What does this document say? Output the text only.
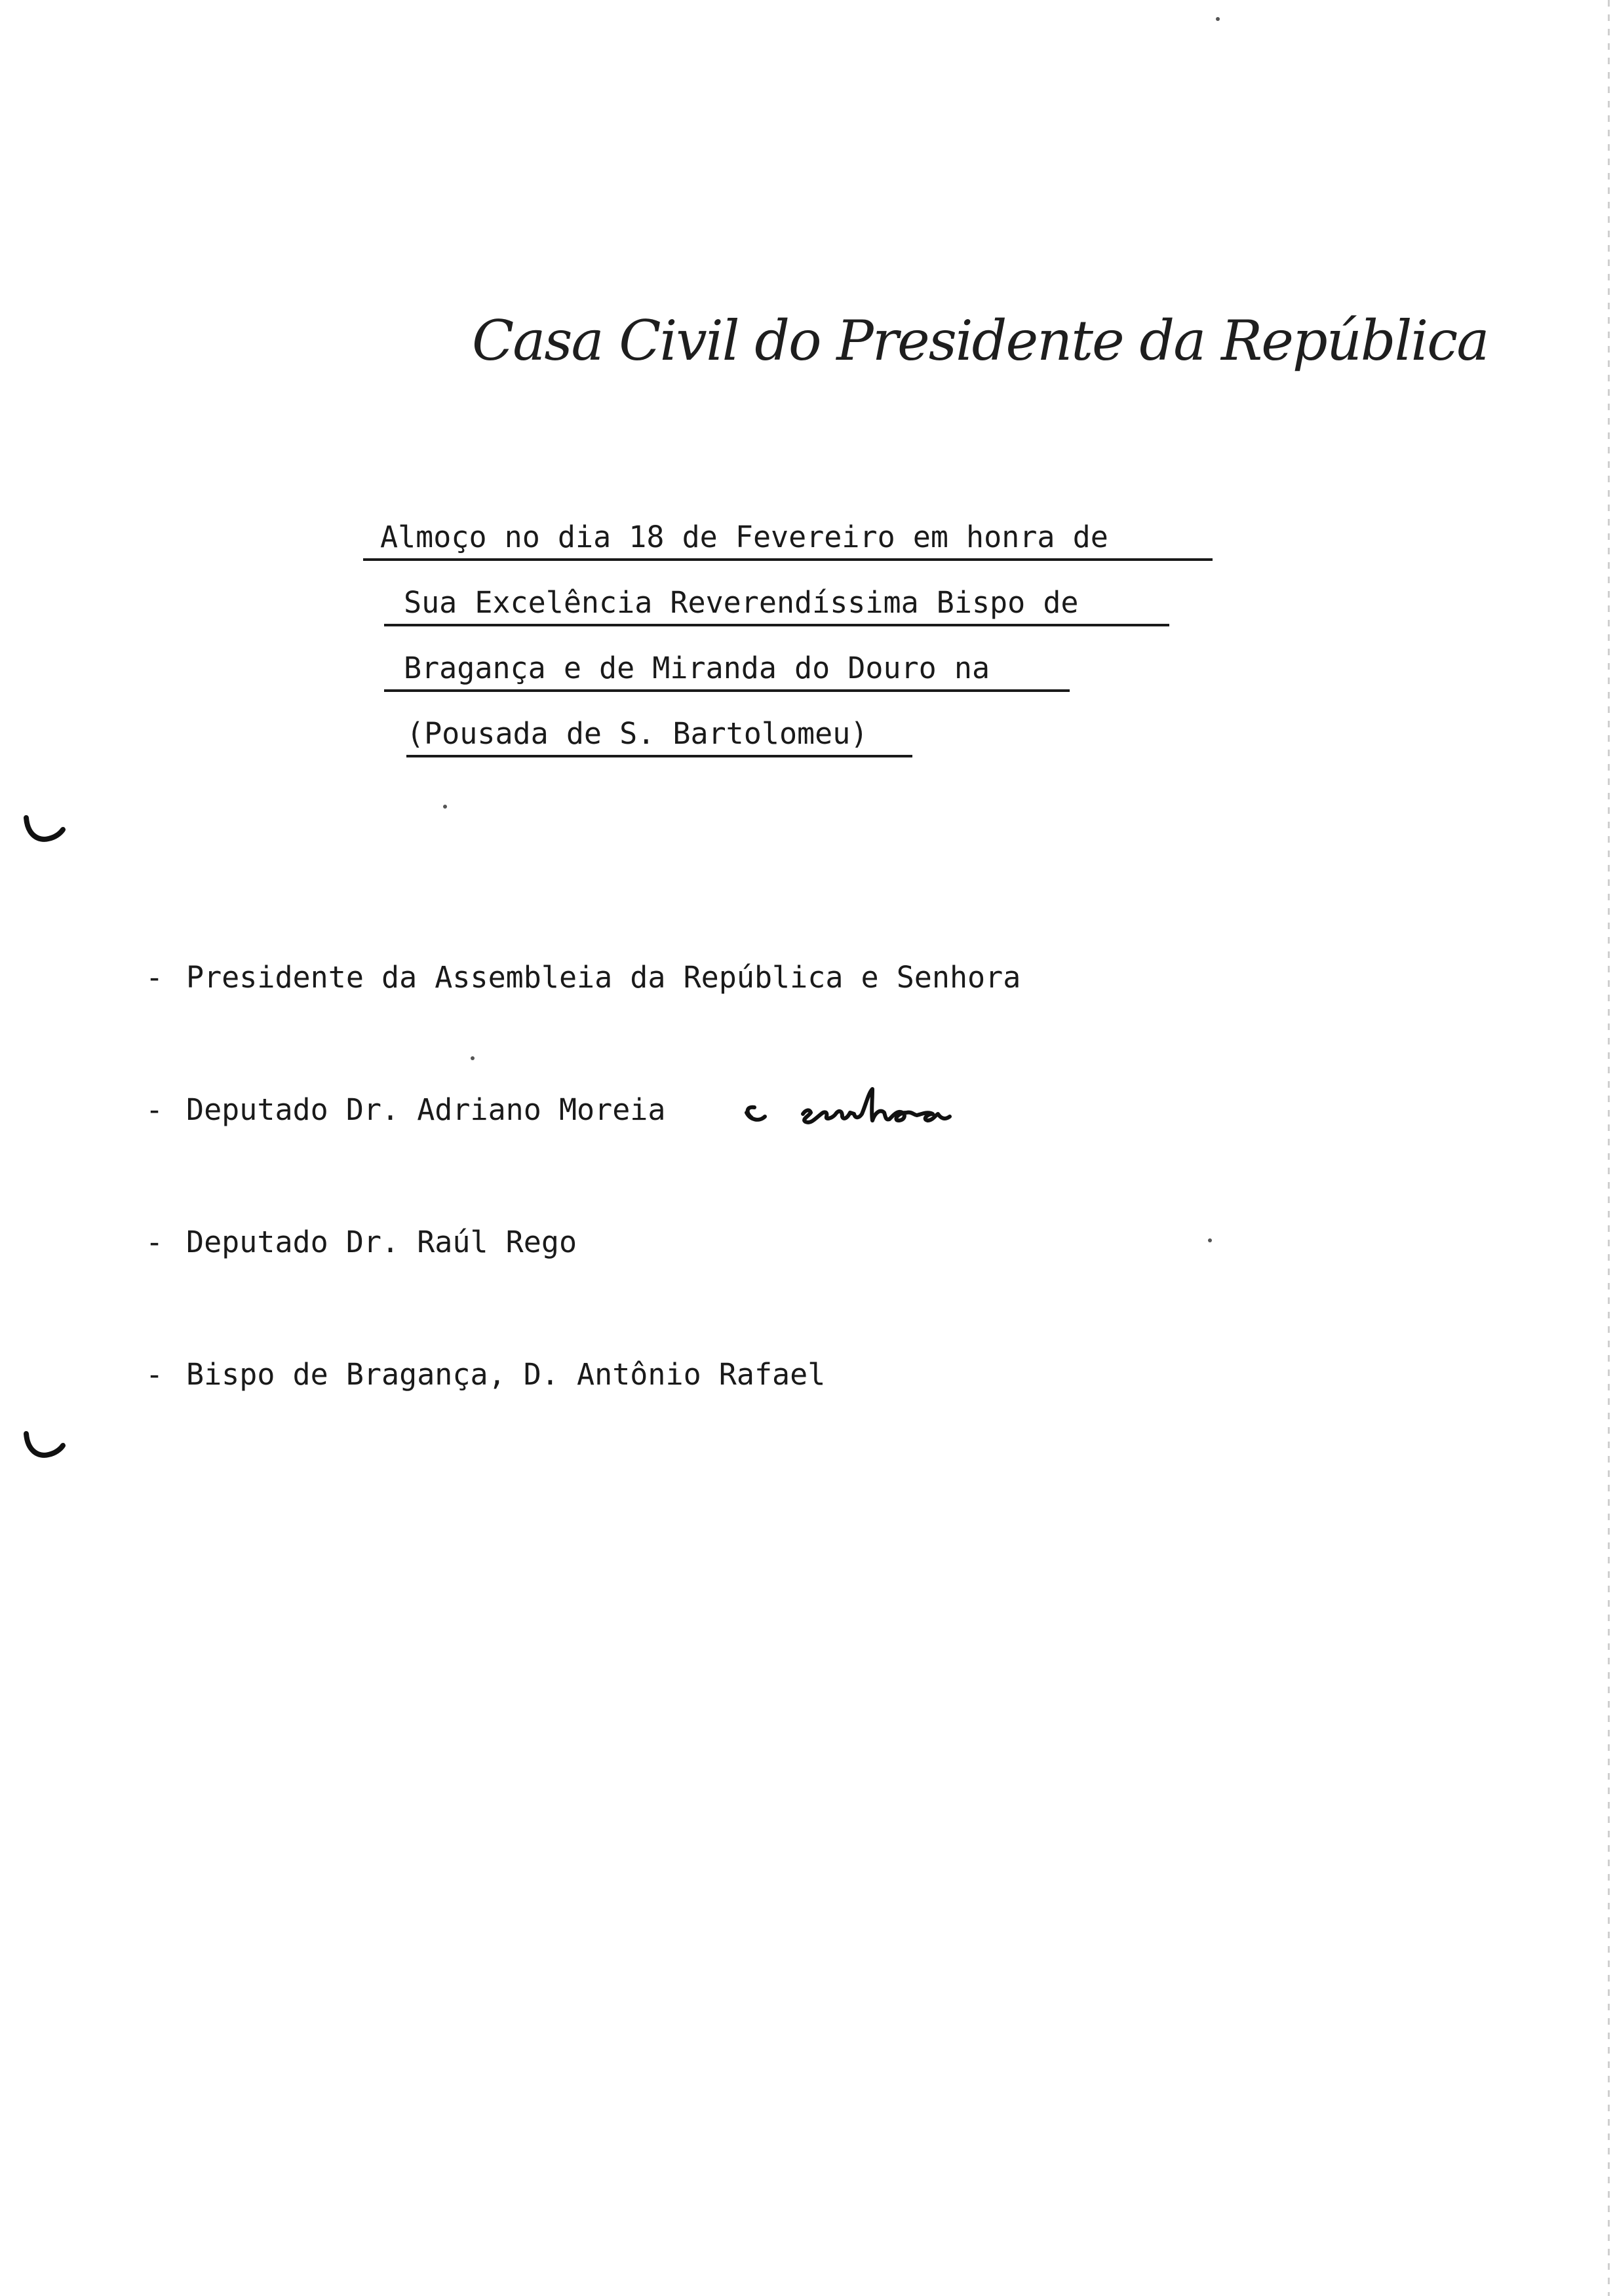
Casa Civil do Presidente da República
Almoço no dia 18 de Fevereiro em honra de
Sua Excelência Reverendíssima Bispo de
Bragança e de Miranda do Douro na
(Pousada de S. Bartolomeu)
- Presidente da Assembleia da República e Senhora
- Deputado Dr. Adriano Moreia
- Deputado Dr. Raúl Rego
- Bispo de Bragança, D. Antônio Rafael
